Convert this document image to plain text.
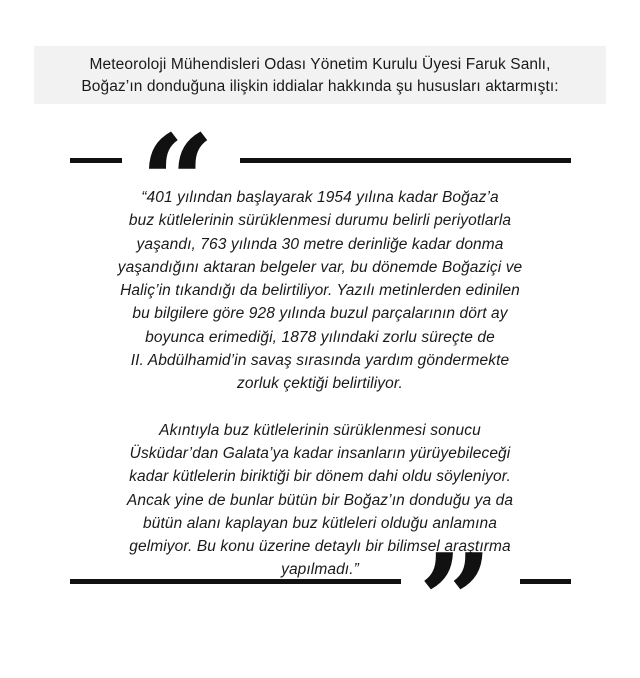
Meteoroloji Mühendisleri Odası Yönetim Kurulu Üyesi Faruk Sanlı,
Boğaz’ın donduğuna ilişkin iddialar hakkında şu hususları aktarmıştı:
“
“401 yılından başlayarak 1954 yılına kadar Boğaz’a
buz kütlelerinin sürüklenmesi durumu belirli periyotlarla
yaşandı, 763 yılında 30 metre derinliğe kadar donma
yaşandığını aktaran belgeler var, bu dönemde Boğaziçi ve
Haliç’in tıkandığı da belirtiliyor. Yazılı metinlerden edinilen
bu bilgilere göre 928 yılında buzul parçalarının dört ay
boyunca erimediği, 1878 yılındaki zorlu süreçte de
II. Abdülhamid’in savaş sırasında yardım göndermekte
zorluk çektiği belirtiliyor.
Akıntıyla buz kütlelerinin sürüklenmesi sonucu
Üsküdar’dan Galata’ya kadar insanların yürüyebileceği
kadar kütlelerin biriktiği bir dönem dahi oldu söyleniyor.
Ancak yine de bunlar bütün bir Boğaz’ın donduğu ya da
bütün alanı kaplayan buz kütleleri olduğu anlamına
gelmiyor. Bu konu üzerine detaylı bir bilimsel araştırma
yapılmadı.” ”
